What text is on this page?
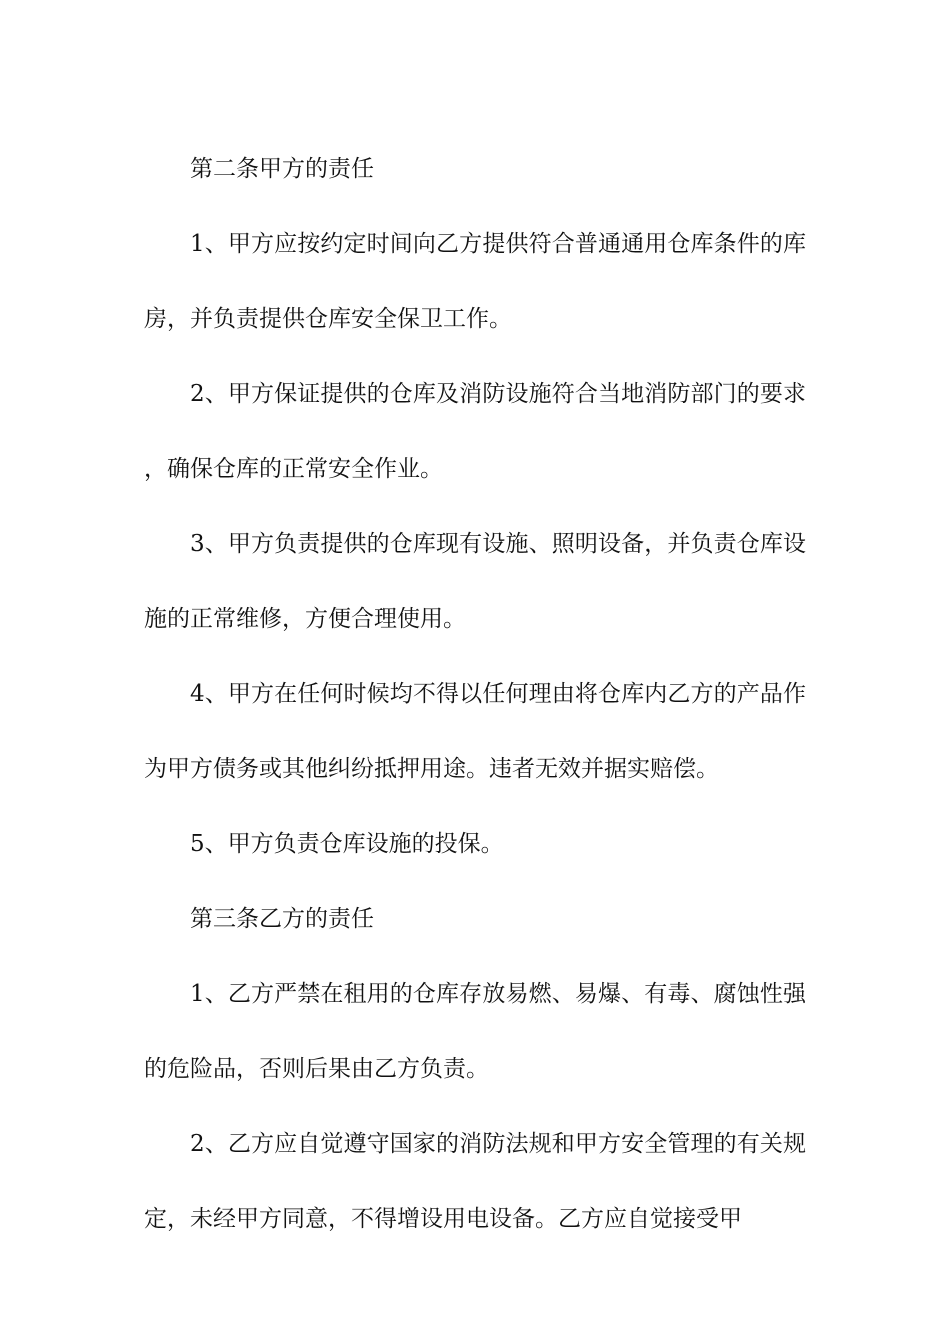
第二条甲方的责任

1、甲方应按约定时间向乙方提供符合普通通用仓库条件的库房，并负责提供仓库安全保卫工作。

2、甲方保证提供的仓库及消防设施符合当地消防部门的要求，确保仓库的正常安全作业。

3、甲方负责提供的仓库现有设施、照明设备，并负责仓库设施的正常维修，方便合理使用。

4、甲方在任何时候均不得以任何理由将仓库内乙方的产品作为甲方债务或其他纠纷抵押用途。违者无效并据实赔偿。

5、甲方负责仓库设施的投保。

第三条乙方的责任

1、乙方严禁在租用的仓库存放易燃、易爆、有毒、腐蚀性强的危险品，否则后果由乙方负责。

2、乙方应自觉遵守国家的消防法规和甲方安全管理的有关规定，未经甲方同意，不得增设用电设备。乙方应自觉接受甲
